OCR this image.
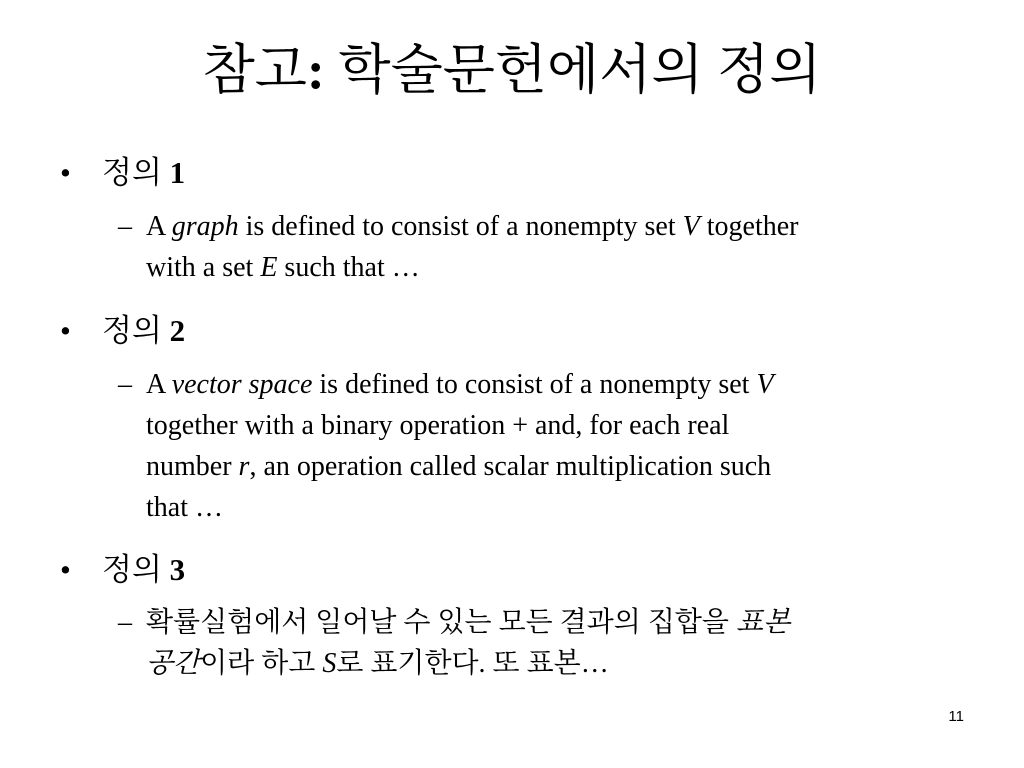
참고: 학술문헌에서의 정의
•	정의 1
– A graph is defined to consist of a nonempty set V together
with a set E such that …
•	정의 2
– A vector space is defined to consist of a nonempty set V
together with a binary operation + and, for each real
number r, an operation called scalar multiplication such
that …
•	정의 3
– 확률실험에서 일어날 수 있는 모든 결과의 집합을 표본
공간이라 하고 S로 표기한다. 또 표본…
11
